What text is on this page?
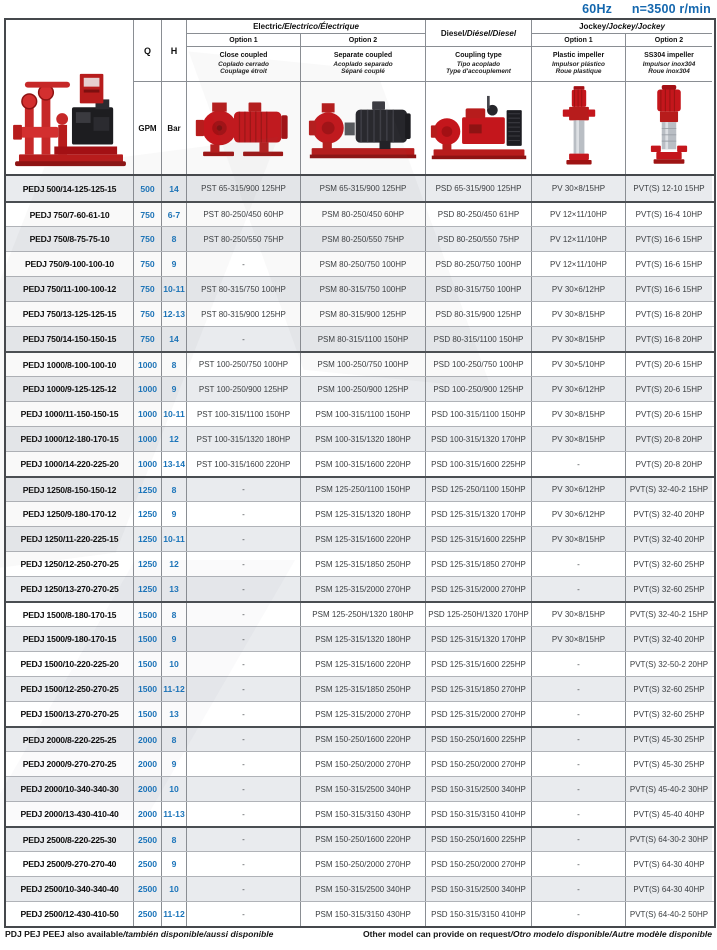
60Hz n=3500 r/min
Q	H
Electric /Electrico/Électrique
Diesel /Diésel/Diesel
Jockey /Jockey/Jockey
Option 1	Option 2	Option 1	Option 2
Close coupled
Coplado cerrado
Couplage étroit
Separate coupled
Acoplado separado
Séparé couplé
Coupling type
Tipo acoplado
Type d'accouplement
Plastic impeller
Impulsor plástico
Roue plastique
SS304 impeller
Impulsor inox304
Roue inox304
GPM	Bar
PEDJ 500/14-125-125-15	500	14	PST 65-315/900 125HP	PSM 65-315/900 125HP	PSD 65-315/900 125HP	PV 30×8/15HP	PVT(S) 12-10 15HP
PEDJ 750/7-60-61-10	750	6-7	PST 80-250/450 60HP	PSM 80-250/450 60HP	PSD 80-250/450 61HP	PV 12×11/10HP	PVT(S) 16-4 10HP
PEDJ 750/8-75-75-10	750	8	PST 80-250/550 75HP	PSM 80-250/550 75HP	PSD 80-250/550 75HP	PV 12×11/10HP	PVT(S) 16-6 15HP
PEDJ 750/9-100-100-10	750	9	-	PSM 80-250/750 100HP	PSD 80-250/750 100HP	PV 12×11/10HP	PVT(S) 16-6 15HP
PEDJ 750/11-100-100-12	750 10-11	PST 80-315/750 100HP	PSM 80-315/750 100HP	PSD 80-315/750 100HP	PV 30×6/12HP	PVT(S) 16-6 15HP
PEDJ 750/13-125-125-15	750 12-13	PST 80-315/900 125HP	PSM 80-315/900 125HP	PSD 80-315/900 125HP	PV 30×8/15HP	PVT(S) 16-8 20HP
PEDJ 750/14-150-150-15	750	14	-	PSM 80-315/1100 150HP	PSD 80-315/1100 150HP	PV 30×8/15HP	PVT(S) 16-8 20HP
PEDJ 1000/8-100-100-10	1000	8	PST 100-250/750 100HP	PSM 100-250/750 100HP	PSD 100-250/750 100HP	PV 30×5/10HP	PVT(S) 20-6 15HP
PEDJ 1000/9-125-125-12	1000	9	PST 100-250/900 125HP	PSM 100-250/900 125HP	PSD 100-250/900 125HP	PV 30×6/12HP	PVT(S) 20-6 15HP
PEDJ 1000/11-150-150-15	1000 10-11	PST 100-315/1100 150HP	PSM 100-315/1100 150HP	PSD 100-315/1100 150HP	PV 30×8/15HP	PVT(S) 20-6 15HP
PEDJ 1000/12-180-170-15	1000	12	PST 100-315/1320 180HP	PSM 100-315/1320 180HP	PSD 100-315/1320 170HP	PV 30×8/15HP	PVT(S) 20-8 20HP
PEDJ 1000/14-220-225-20	1000 13-14	PST 100-315/1600 220HP	PSM 100-315/1600 220HP	PSD 100-315/1600 225HP	-	PVT(S) 20-8 20HP
PEDJ 1250/8-150-150-12	1250	8	-	PSM 125-250/1100 150HP	PSD 125-250/1100 150HP	PV 30×6/12HP	PVT(S) 32-40-2 15HP
PEDJ 1250/9-180-170-12	1250	9	-	PSM 125-315/1320 180HP	PSD 125-315/1320 170HP	PV 30×6/12HP	PVT(S) 32-40 20HP
PEDJ 1250/11-220-225-15	1250 10-11	-	PSM 125-315/1600 220HP	PSD 125-315/1600 225HP	PV 30×8/15HP	PVT(S) 32-40 20HP
PEDJ 1250/12-250-270-25	1250	12	-	PSM 125-315/1850 250HP	PSD 125-315/1850 270HP	-	PVT(S) 32-60 25HP
PEDJ 1250/13-270-270-25	1250	13	-	PSM 125-315/2000 270HP	PSD 125-315/2000 270HP	-	PVT(S) 32-60 25HP
PEDJ 1500/8-180-170-15	1500	8	-	PSM 125-250H/1320 180HP	PSD 125-250H/1320 170HP	PV 30×8/15HP	PVT(S) 32-40-2 15HP
PEDJ 1500/9-180-170-15	1500	9	-	PSM 125-315/1320 180HP	PSD 125-315/1320 170HP	PV 30×8/15HP	PVT(S) 32-40 20HP
PEDJ 1500/10-220-225-20	1500	10	-	PSM 125-315/1600 220HP	PSD 125-315/1600 225HP	-	PVT(S) 32-50-2 20HP
PEDJ 1500/12-250-270-25	1500 11-12	-	PSM 125-315/1850 250HP	PSD 125-315/1850 270HP	-	PVT(S) 32-60 25HP
PEDJ 1500/13-270-270-25	1500	13	-	PSM 125-315/2000 270HP	PSD 125-315/2000 270HP	-	PVT(S) 32-60 25HP
PEDJ 2000/8-220-225-25	2000	8	-	PSM 150-250/1600 220HP	PSD 150-250/1600 225HP	-	PVT(S) 45-30 25HP
PEDJ 2000/9-270-270-25	2000	9	-	PSM 150-250/2000 270HP	PSD 150-250/2000 270HP	-	PVT(S) 45-30 25HP
PEDJ 2000/10-340-340-30	2000	10	-	PSM 150-315/2500 340HP	PSD 150-315/2500 340HP	-	PVT(S) 45-40-2 30HP
PEDJ 2000/13-430-410-40	2000 11-13	-	PSM 150-315/3150 430HP	PSD 150-315/3150 410HP	-	PVT(S) 45-40 40HP
PEDJ 2500/8-220-225-30	2500	8	-	PSM 150-250/1600 220HP	PSD 150-250/1600 225HP	-	PVT(S) 64-30-2 30HP
PEDJ 2500/9-270-270-40	2500	9	-	PSM 150-250/2000 270HP	PSD 150-250/2000 270HP	-	PVT(S) 64-30 40HP
PEDJ 2500/10-340-340-40	2500	10	-	PSM 150-315/2500 340HP	PSD 150-315/2500 340HP	-	PVT(S) 64-30 40HP
PEDJ 2500/12-430-410-50	2500 11-12	-	PSM 150-315/3150 430HP	PSD 150-315/3150 410HP	-	PVT(S) 64-40-2 50HP
PDJ PEJ PEEJ also available/también disponible/aussi disponible	Other model can provide on request/Otro modelo disponible/Autre modèle disponible
